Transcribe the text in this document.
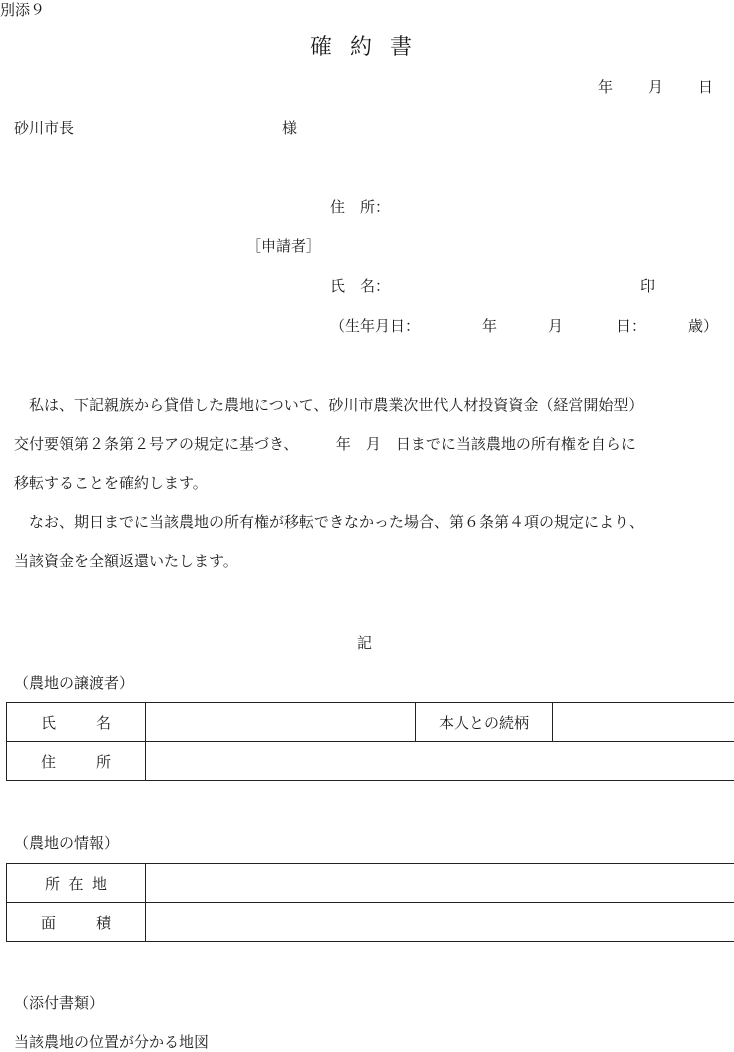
別添９
確約書
年 月 日
砂川市長	様
住　所：
［申請者］
氏　名：	印
（生年月日：	年	月	日：	歳）

私は、下記親族から貸借した農地について、砂川市農業次世代人材投資資金（経営開始型）

交付要領第２条第２号アの規定に基づき、　　　年　月　日までに当該農地の所有権を自らに

移転することを確約します。

なお、期日までに当該農地の所有権が移転できなかった場合、第６条第４項の規定により、

当該資金を全額返還いたします。

記
（農地の譲渡者）
氏名		本人との続柄	
住所			
（農地の情報）
所在地	
面積	
（添付書類）
当該農地の位置が分かる地図
